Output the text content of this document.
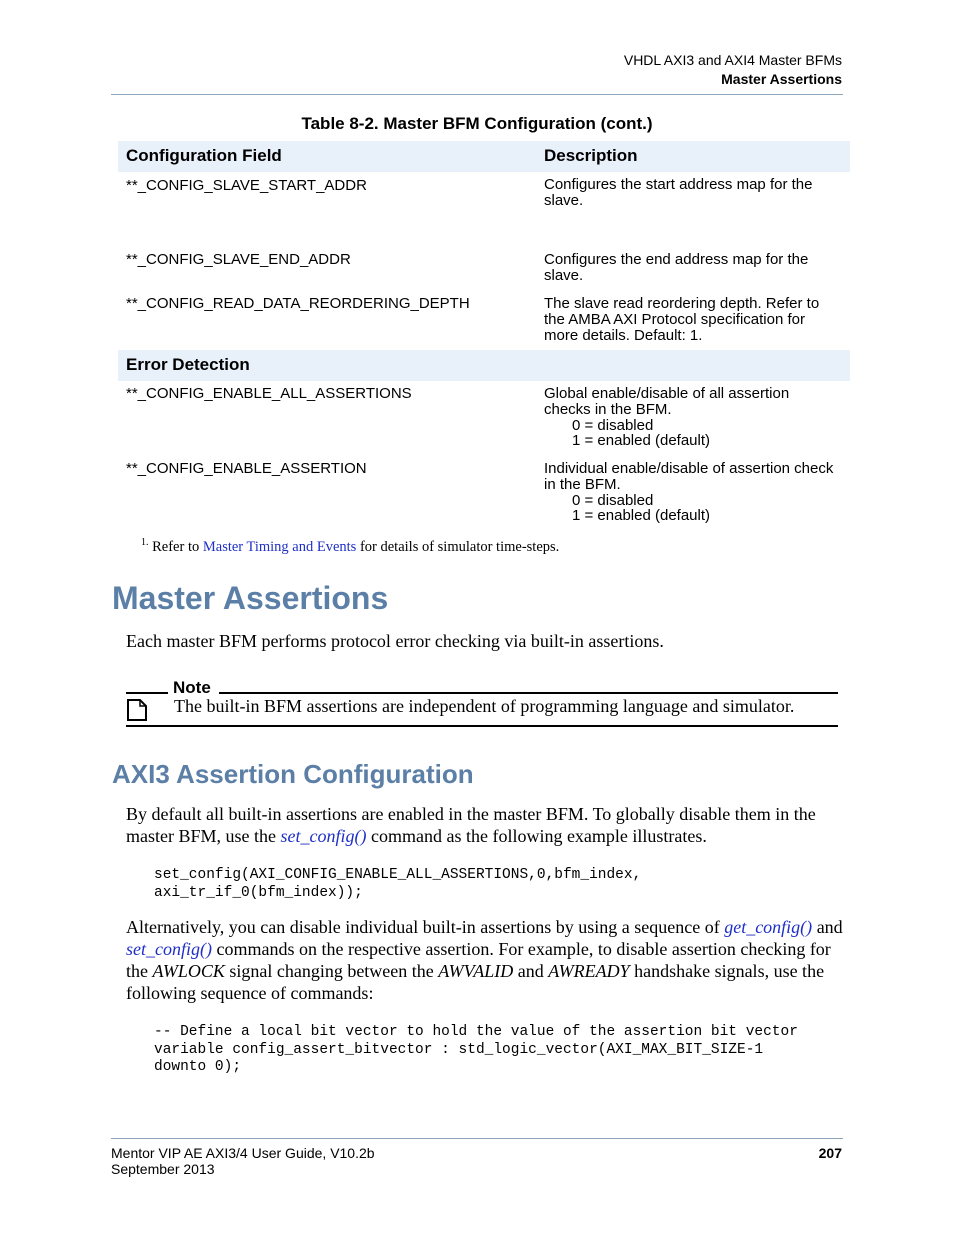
VHDL AXI3 and AXI4 Master BFMs
Master Assertions
Table 8-2. Master BFM Configuration (cont.)
Configuration Field	Description
**_CONFIG_SLAVE_START_ADDR	Configures the start address map for the
slave.
**_CONFIG_SLAVE_END_ADDR	Configures the end address map for the
slave.
**_CONFIG_READ_DATA_REORDERING_DEPTH	The slave read reordering depth. Refer to
the AMBA AXI Protocol specification for
more details. Default: 1.
Error Detection
**_CONFIG_ENABLE_ALL_ASSERTIONS	Global enable/disable of all assertion
checks in the BFM.
0 = disabled
1 = enabled (default)
**_CONFIG_ENABLE_ASSERTION	Individual enable/disable of assertion check
in the BFM.
0 = disabled
1 = enabled (default)
$^{1.}$ Refer to Master Timing and Events for details of simulator time-steps.
Master Assertions
Each master BFM performs protocol error checking via built-in assertions.
Note
The built-in BFM assertions are independent of programming language and simulator.
AXI3 Assertion Configuration
By default all built-in assertions are enabled in the master BFM. To globally disable them in the master BFM, use the set_config() command as the following example illustrates.
set_config(AXI_CONFIG_ENABLE_ALL_ASSERTIONS,0,bfm_index,
axi_tr_if_0(bfm_index));
Alternatively, you can disable individual built-in assertions by using a sequence of get_config() and set_config() commands on the respective assertion. For example, to disable assertion checking for the AWLOCK signal changing between the AWVALID and AWREADY handshake signals, use the following sequence of commands:
-- Define a local bit vector to hold the value of the assertion bit vector
variable config_assert_bitvector : std_logic_vector(AXI_MAX_BIT_SIZE-1
downto 0);
Mentor VIP AE AXI3/4 User Guide, V10.2b
September 2013
207
